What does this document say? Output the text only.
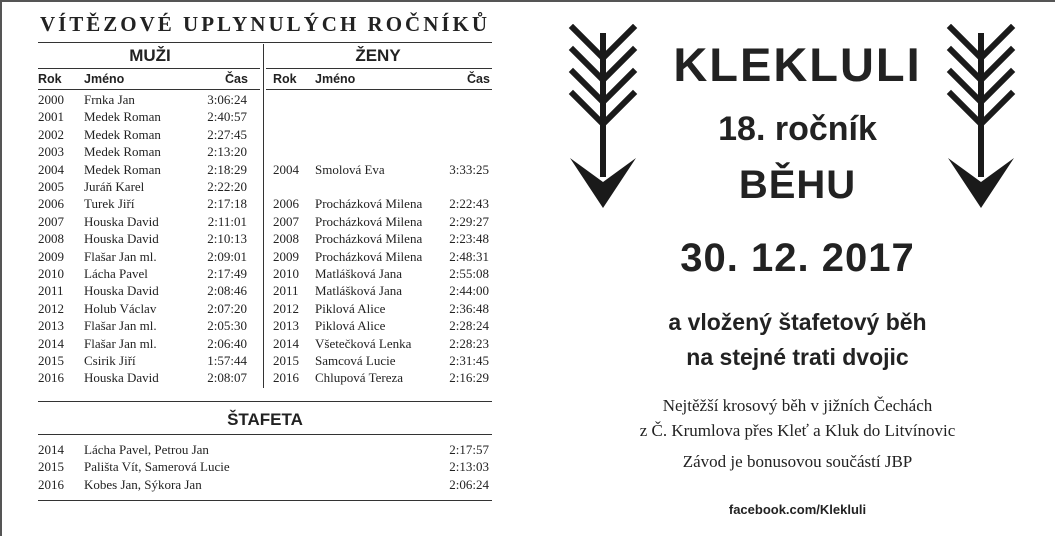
VÍTĚZOVÉ UPLYNULÝCH ROČNÍKŮ
MUŽI	ŽENY
Rok Jméno	Čas Rok Jméno	Čas
2000 Frnka Jan	3:06:24
2001 Medek Roman	2:40:57
2002 Medek Roman	2:27:45
2003 Medek Roman	2:13:20
2004 Medek Roman	2:18:29
2005 Juráň Karel	2:22:20
2006 Turek Jiří	2:17:18
2007 Houska David	2:11:01
2008 Houska David	2:10:13
2009 Flašar Jan ml.	2:09:01
2010 Lácha Pavel	2:17:49
2011 Houska David	2:08:46
2012 Holub Václav	2:07:20
2013 Flašar Jan ml.	2:05:30
2014 Flašar Jan ml.	2:06:40
2015 Csirik Jiří	1:57:44
2016 Houska David	2:08:07
2004 Smolová Eva	3:33:25
2006 Procházková Milena 2:22:43
2007 Procházková Milena 2:29:27
2008 Procházková Milena 2:23:48
2009 Procházková Milena 2:48:31
2010 Matlášková Jana	2:55:08
2011 Matlášková Jana	2:44:00
2012 Piklová Alice	2:36:48
2013 Piklová Alice	2:28:24
2014 Všetečková Lenka	2:28:23
2015 Samcová Lucie	2:31:45
2016 Chlupová Tereza	2:16:29
ŠTAFETA
2014 Lácha Pavel, Petrou Jan	2:17:57
2015 Pališta Vít, Samerová Lucie	2:13:03
2016 Kobes Jan, Sýkora Jan	2:06:24
KLEKLULI
18. ročník
BĚHU
30. 12. 2017
a vložený štafetový běh
na stejné trati dvojic
Nejtěžší krosový běh v jižních Čechách
z Č. Krumlova přes Kleť a Kluk do Litvínovic
Závod je bonusovou součástí JBP
facebook.com/Klekluli
